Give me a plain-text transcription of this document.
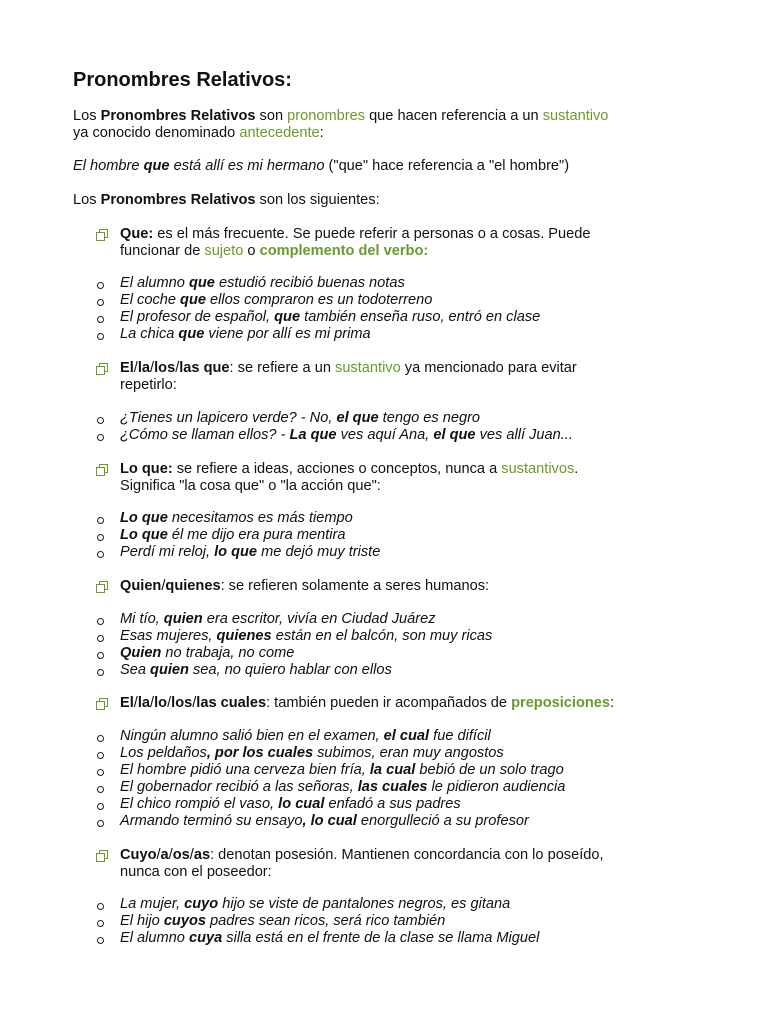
Pronombres Relativos:
Los Pronombres Relativos son pronombres que hacen referencia a un sustantivo
ya conocido denominado antecedente:
El hombre que está allí es mi hermano ("que" hace referencia a "el hombre")
Los Pronombres Relativos son los siguientes:
Que: es el más frecuente. Se puede referir a personas o a cosas. Puede
funcionar de sujeto o complemento del verbo:
El alumno que estudió recibió buenas notas
El coche que ellos compraron es un todoterreno
El profesor de español, que también enseña ruso, entró en clase
La chica que viene por allí es mi prima
El/la/los/las que: se refiere a un sustantivo ya mencionado para evitar
repetirlo:
¿Tienes un lapicero verde? - No, el que tengo es negro
¿Cómo se llaman ellos? - La que ves aquí Ana, el que ves allí Juan...
Lo que: se refiere a ideas, acciones o conceptos, nunca a sustantivos.
Significa "la cosa que" o "la acción que":
Lo que necesitamos es más tiempo
Lo que él me dijo era pura mentira
Perdí mi reloj, lo que me dejó muy triste
Quien/quienes: se refieren solamente a seres humanos:
Mi tío, quien era escritor, vivía en Ciudad Juárez
Esas mujeres, quienes están en el balcón, son muy ricas
Quien no trabaja, no come
Sea quien sea, no quiero hablar con ellos
El/la/lo/los/las cuales: también pueden ir acompañados de preposiciones:
Ningún alumno salió bien en el examen, el cual fue difícil
Los peldaños, por los cuales subimos, eran muy angostos
El hombre pidió una cerveza bien fría, la cual bebió de un solo trago
El gobernador recibió a las señoras, las cuales le pidieron audiencia
El chico rompió el vaso, lo cual enfadó a sus padres
Armando terminó su ensayo, lo cual enorgulleció a su profesor
Cuyo/a/os/as: denotan posesión. Mantienen concordancia con lo poseído,
nunca con el poseedor:
La mujer, cuyo hijo se viste de pantalones negros, es gitana
El hijo cuyos padres sean ricos, será rico también
El alumno cuya silla está en el frente de la clase se llama Miguel
